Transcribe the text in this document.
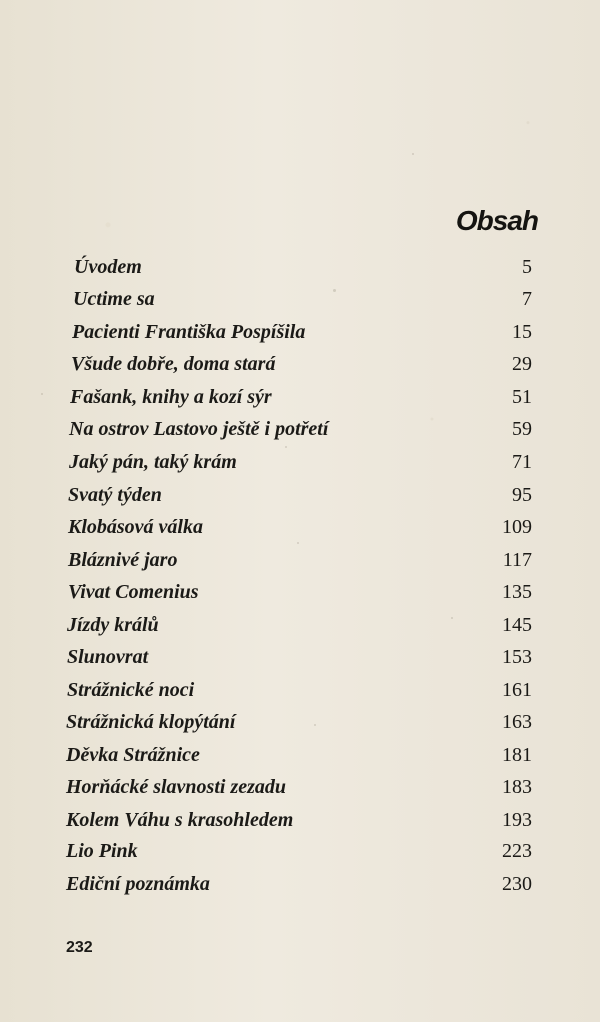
Obsah
Úvodem	5
Uctime sa	7
Pacienti Františka Pospíšila	15
Všude dobře, doma stará	29
Fašank, knihy a kozí sýr	51
Na ostrov Lastovo ještě i potřetí	59
Jaký pán, taký krám	71
Svatý týden	95
Klobásová válka	109
Bláznivé jaro	117
Vivat Comenius	135
Jízdy králů	145
Slunovrat	153
Strážnické noci	161
Strážnická klopýtání	163
Děvka Strážnice	181
Horňácké slavnosti zezadu	183
Kolem Váhu s krasohledem	193
Lio Pink	223
Ediční poznámka	230
232
